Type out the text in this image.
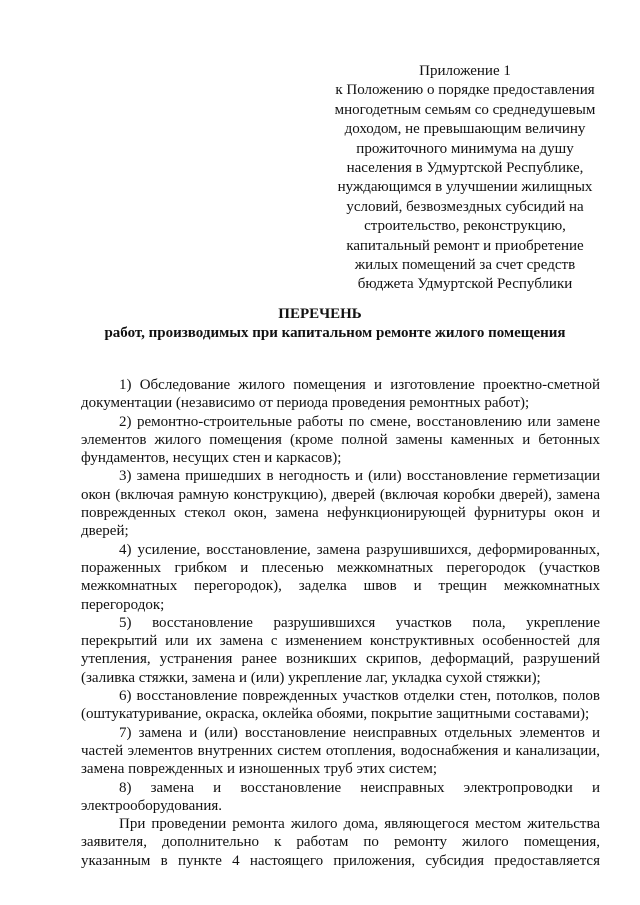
Приложение 1
к Положению о порядке предоставления
многодетным семьям со среднедушевым
доходом, не превышающим величину
прожиточного минимума на душу
населения в Удмуртской Республике,
нуждающимся в улучшении жилищных
условий, безвозмездных субсидий на
строительство, реконструкцию,
капитальный ремонт и приобретение
жилых помещений за счет средств
бюджета Удмуртской Республики
ПЕРЕЧЕНЬ
работ, производимых при капитальном ремонте жилого помещения
1) Обследование жилого помещения и изготовление проектно-сметной
документации (независимо от периода проведения ремонтных работ);
2) ремонтно-строительные работы по смене, восстановлению или замене
элементов жилого помещения (кроме полной замены каменных и бетонных
фундаментов, несущих стен и каркасов);
3) замена пришедших в негодность и (или) восстановление герметизации
окон (включая рамную конструкцию), дверей (включая коробки дверей), замена
поврежденных стекол окон, замена нефункционирующей фурнитуры окон и
дверей;
4) усиление, восстановление, замена разрушившихся, деформированных,
пораженных грибком и плесенью межкомнатных перегородок (участков
межкомнатных перегородок), заделка швов и трещин межкомнатных
перегородок;
5) восстановление разрушившихся участков пола, укрепление
перекрытий или их замена с изменением конструктивных особенностей для
утепления, устранения ранее возникших скрипов, деформаций, разрушений
(заливка стяжки, замена и (или) укрепление лаг, укладка сухой стяжки);
6) восстановление поврежденных участков отделки стен, потолков, полов
(оштукатуривание, окраска, оклейка обоями, покрытие защитными составами);
7) замена и (или) восстановление неисправных отдельных элементов и
частей элементов внутренних систем отопления, водоснабжения и канализации,
замена поврежденных и изношенных труб этих систем;
8) замена и восстановление неисправных электропроводки и
электрооборудования.
При проведении ремонта жилого дома, являющегося местом жительства
заявителя, дополнительно к работам по ремонту жилого помещения,
указанным в пункте 4 настоящего приложения, субсидия предоставляется
